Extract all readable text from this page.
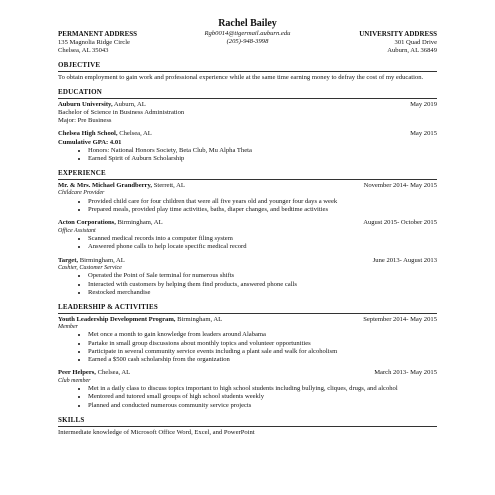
Rachel Bailey
Rgb0014@tigermail.auburn.edu
(205)-948-3998
PERMANENT ADDRESS
135 Magnolia Ridge Circle
Chelsea, AL 35043
UNIVERSITY ADDRESS
301 Quad Drive
Auburn, AL 36849
OBJECTIVE

To obtain employment to gain work and professional experience while at the same time earning money to defray the cost of my education.

EDUCATION
Auburn University, Auburn, AL	May 2019
Bachelor of Science in Business Administration
Major: Pre Business
Chelsea High School, Chelsea, AL	May 2015
Cumulative GPA: 4.01
• Honors: National Honors Society, Beta Club, Mu Alpha Theta
• Earned Spirit of Auburn Scholarship
EXPERIENCE
Mr. & Mrs. Michael Grandberry, Sterrett, AL	November 2014- May 2015
Childcare Provider
• Provided child care for four children that were all five years old and younger four days a week
• Prepared meals, provided play time activities, baths, diaper changes, and bedtime activities
Acton Corporations, Birmingham, AL	August 2015- October 2015
Office Assistant
• Scanned medical records into a computer filing system
• Answered phone calls to help locate specific medical record
Target, Birmingham, AL	June 2013- August 2013
Cashier, Customer Service
• Operated the Point of Sale terminal for numerous shifts
• Interacted with customers by helping them find products, answered phone calls
• Restocked merchandise
LEADERSHIP & ACTIVITIES
Youth Leadership Development Program, Birmingham, AL	September 2014- May 2015
Member
• Met once a month to gain knowledge from leaders around Alabama
• Partake in small group discussions about monthly topics and volunteer opportunities
• Participate in several community service events including a plant sale and walk for alcoholism
• Earned a $500 cash scholarship from the organization
Peer Helpers, Chelsea, AL	March 2013- May 2015
Club member
• Met in a daily class to discuss topics important to high school students including bullying, cliques, drugs, and alcohol
• Mentored and tutored small groups of high school students weekly
• Planned and conducted numerous community service projects
SKILLS

Intermediate knowledge of Microsoft Office Word, Excel, and PowerPoint
